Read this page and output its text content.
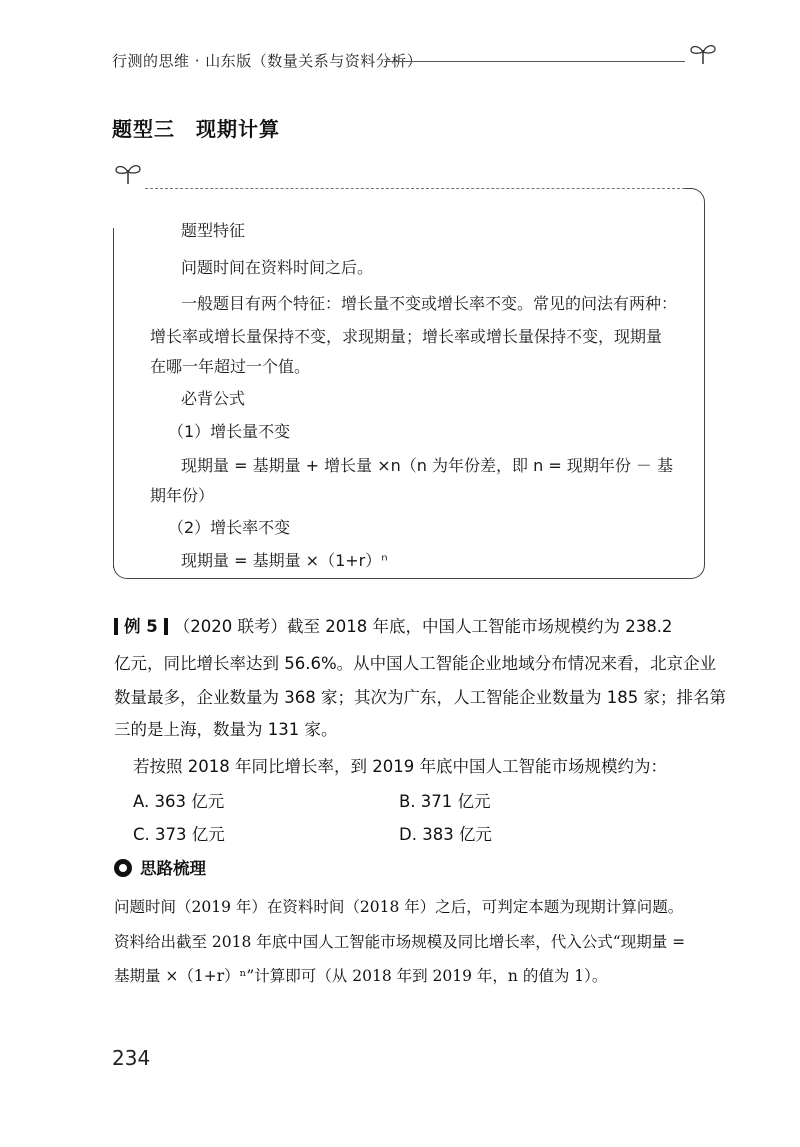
行测的思维 · 山东版（数量关系与资料分析）
题型三　现期计算
题型特征
问题时间在资料时间之后。
一般题目有两个特征：增长量不变或增长率不变。常见的问法有两种：
增长率或增长量保持不变，求现期量；增长率或增长量保持不变，现期量
在哪一年超过一个值。
必背公式
（1）增长量不变
现期量 = 基期量 + 增长量 ×n（n 为年份差，即 n = 现期年份 － 基
期年份）
（2）增长率不变
现期量 = 基期量 ×（1+r）ⁿ
例 5 （2020 联考）截至 2018 年底，中国人工智能市场规模约为 238.2
亿元，同比增长率达到 56.6%。从中国人工智能企业地域分布情况来看，北京企业
数量最多，企业数量为 368 家；其次为广东，人工智能企业数量为 185 家；排名第
三的是上海，数量为 131 家。
若按照 2018 年同比增长率，到 2019 年底中国人工智能市场规模约为：
A. 363 亿元	B. 371 亿元
C. 373 亿元	D. 383 亿元
思路梳理
问题时间（2019 年）在资料时间（2018 年）之后，可判定本题为现期计算问题。
资料给出截至 2018 年底中国人工智能市场规模及同比增长率，代入公式“现期量 =
基期量 ×（1+r）ⁿ”计算即可（从 2018 年到 2019 年，n 的值为 1）。
234
